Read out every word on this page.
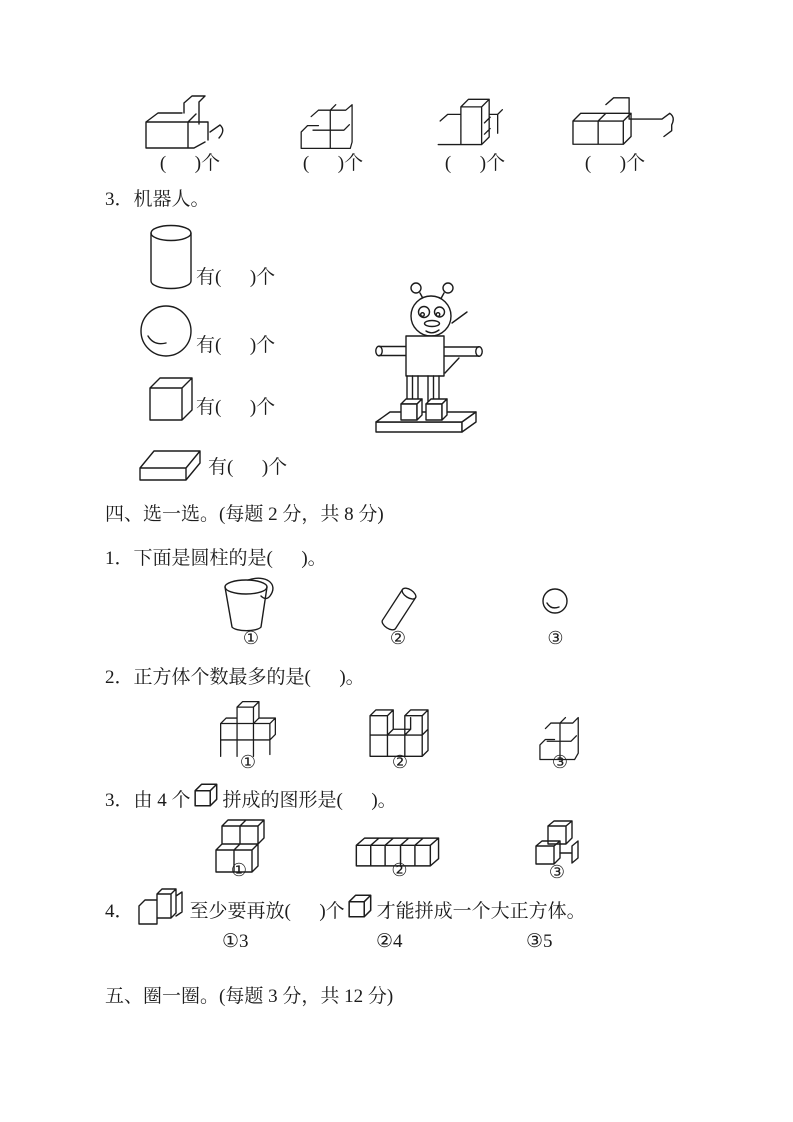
(      )个	(      )个	(      )个	(      )个
3．机器人。
有(      )个
有(      )个
有(      )个
有(      )个
四、选一选。(每题 2 分，共 8 分)
1．下面是圆柱的是(      )。
①	②	③
2．正方体个数最多的是(      )。
①	②	③
3．由 4 个 拼成的图形是(      )。
①	②	③
4．	至少要再放(      )个 才能拼成一个大正方体。
①3	②4	③5
五、圈一圈。(每题 3 分，共 12 分)
